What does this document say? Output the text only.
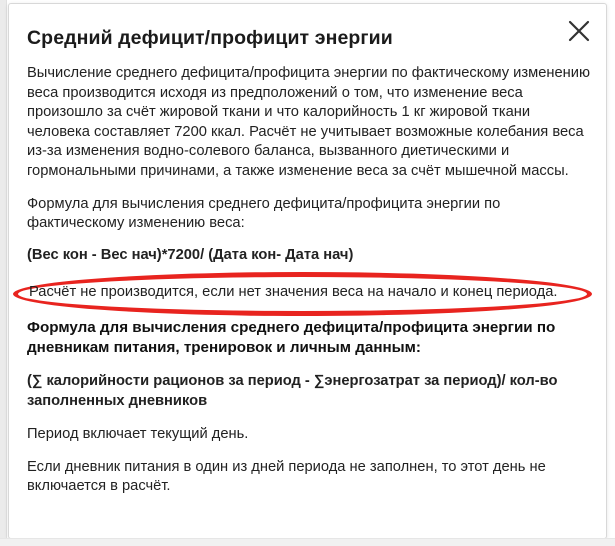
Средний дефицит/профицит энергии

Вычисление среднего дефицита/профицита энергии по фактическому изменению веса производится исходя из предположений о том, что изменение веса произошло за счёт жировой ткани и что калорийность 1 кг жировой ткани человека составляет 7200 ккал. Расчёт не учитывает возможные колебания веса из-за изменения водно-солевого баланса, вызванного диетическими и гормональными причинами, а также изменение веса за счёт мышечной массы.

Формула для вычисления среднего дефицита/профицита энергии по фактическому изменению веса:

(Вес кон - Вес нач)*7200/ (Дата кон- Дата нач)

Расчёт не производится, если нет значения веса на начало и конец периода.

Формула для вычисления среднего дефицита/профицита энергии по дневникам питания, тренировок и личным данным:

(∑ калорийности рационов за период - ∑энергозатрат за период)/ кол-во заполненных дневников

Период включает текущий день.

Если дневник питания в один из дней периода не заполнен, то этот день не включается в расчёт.
